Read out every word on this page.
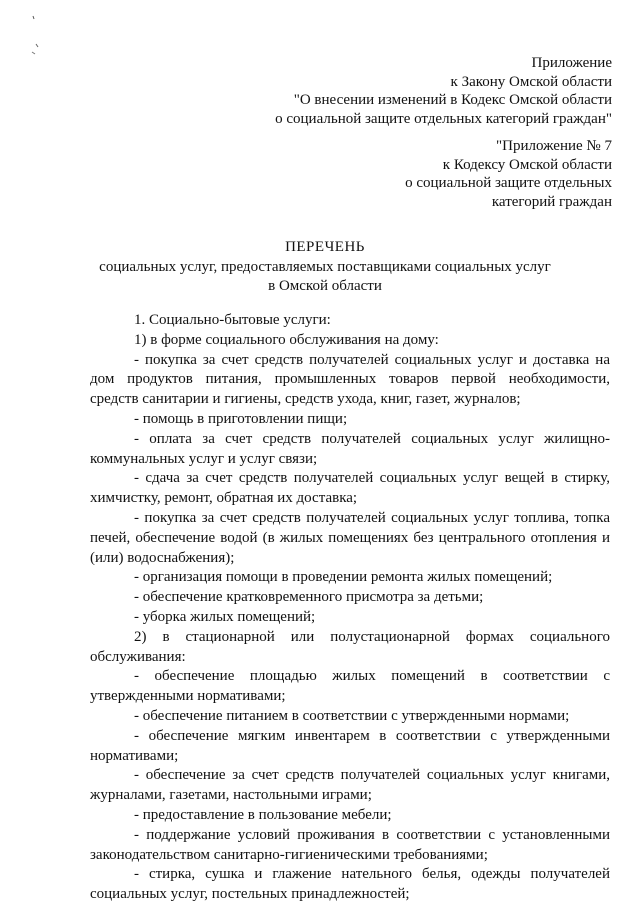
Приложение
к Закону Омской области
"О внесении изменений в Кодекс Омской области
о социальной защите отдельных категорий граждан"
"Приложение № 7
к Кодексу Омской области
о социальной защите отдельных
категорий граждан
ПЕРЕЧЕНЬ
социальных услуг, предоставляемых поставщиками социальных услуг
в Омской области
1. Социально-бытовые услуги:
1) в форме социального обслуживания на дому:
- покупка за счет средств получателей социальных услуг и доставка на
дом продуктов питания, промышленных товаров первой необходимости,
средств санитарии и гигиены, средств ухода, книг, газет, журналов;
- помощь в приготовлении пищи;
- оплата за счет средств получателей социальных услуг жилищно-
коммунальных услуг и услуг связи;
- сдача за счет средств получателей социальных услуг вещей в стирку,
химчистку, ремонт, обратная их доставка;
- покупка за счет средств получателей социальных услуг топлива, топка
печей, обеспечение водой (в жилых помещениях без центрального отопления и
(или) водоснабжения);
- организация помощи в проведении ремонта жилых помещений;
- обеспечение кратковременного присмотра за детьми;
- уборка жилых помещений;
2) в стационарной или полустационарной формах социального
обслуживания:
- обеспечение площадью жилых помещений в соответствии с
утвержденными нормативами;
- обеспечение питанием в соответствии с утвержденными нормами;
- обеспечение мягким инвентарем в соответствии с утвержденными
нормативами;
- обеспечение за счет средств получателей социальных услуг книгами,
журналами, газетами, настольными играми;
- предоставление в пользование мебели;
- поддержание условий проживания в соответствии с установленными
законодательством санитарно-гигиеническими требованиями;
- стирка, сушка и глажение нательного белья, одежды получателей
социальных услуг, постельных принадлежностей;
